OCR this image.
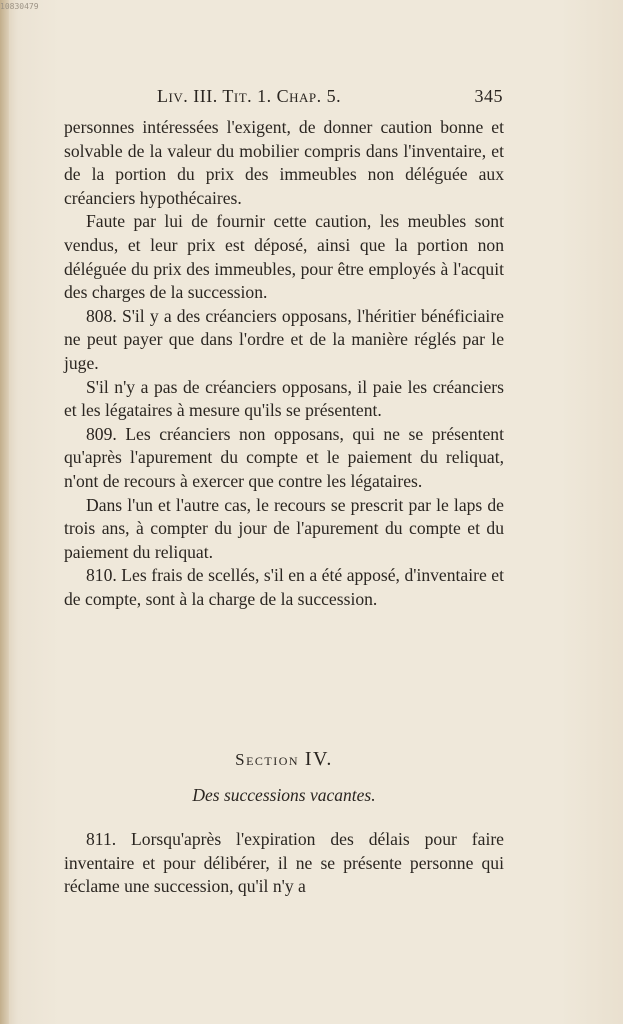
10830479
Liv. III. Tit. 1. Chap. 5.	345

personnes intéressées l'exigent, de donner caution bonne et solvable de la valeur du mobilier compris dans l'inventaire, et de la portion du prix des immeubles non déléguée aux créanciers hypothécaires.

Faute par lui de fournir cette caution, les meubles sont vendus, et leur prix est déposé, ainsi que la portion non déléguée du prix des immeubles, pour être employés à l'acquit des charges de la succession.

808. S'il y a des créanciers opposans, l'héritier bénéficiaire ne peut payer que dans l'ordre et de la manière réglés par le juge.

S'il n'y a pas de créanciers opposans, il paie les créanciers et les légataires à mesure qu'ils se présentent.

809. Les créanciers non opposans, qui ne se présentent qu'après l'apurement du compte et le paiement du reliquat, n'ont de recours à exercer que contre les légataires.

Dans l'un et l'autre cas, le recours se prescrit par le laps de trois ans, à compter du jour de l'apurement du compte et du paiement du reliquat.

810. Les frais de scellés, s'il en a été apposé, d'inventaire et de compte, sont à la charge de la succession.

Section IV.
Des successions vacantes.

811. Lorsqu'après l'expiration des délais pour faire inventaire et pour délibérer, il ne se présente personne qui réclame une succession, qu'il n'y a
